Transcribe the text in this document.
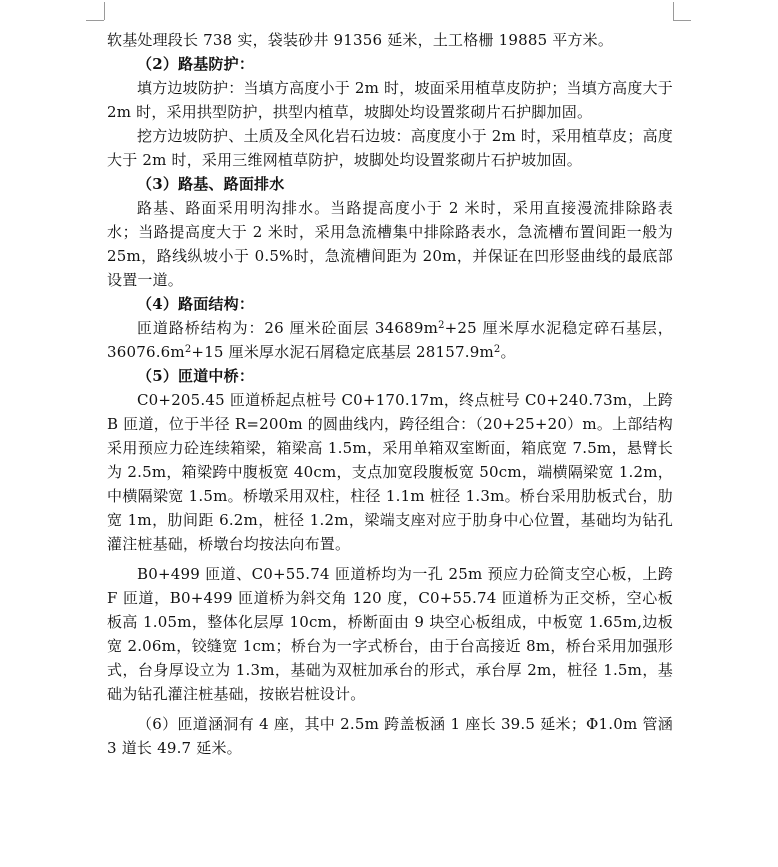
软基处理段长 738 实，袋装砂井 91356 延米，土工格栅 19885 平方米。

（2）路基防护：

填方边坡防护：当填方高度小于 2m 时，坡面采用植草皮防护；当填方高度大于 2m 时，采用拱型防护，拱型内植草，坡脚处均设置浆砌片石护脚加固。

挖方边坡防护、土质及全风化岩石边坡：高度度小于 2m 时，采用植草皮；高度大于 2m 时，采用三维网植草防护，坡脚处均设置浆砌片石护坡加固。

（3）路基、路面排水

路基、路面采用明沟排水。当路提高度小于 2 米时，采用直接漫流排除路表水；当路提高度大于 2 米时，采用急流槽集中排除路表水，急流槽布置间距一般为 25m，路线纵坡小于 0.5%时，急流槽间距为 20m，并保证在凹形竖曲线的最底部设置一道。

（4）路面结构：

匝道路桥结构为：26 厘米砼面层 $34689m^2+25$ 厘米厚水泥稳定碎石基层，$36076.6m^2+15$ 厘米厚水泥石屑稳定底基层 $28157.9m^2$。

（5）匝道中桥：

C0+205.45 匝道桥起点桩号 C0+170.17m，终点桩号 C0+240.73m，上跨 B 匝道，位于半径 R=200m 的圆曲线内，跨径组合：（20+25+20）m。上部结构采用预应力砼连续箱梁，箱梁高 1.5m，采用单箱双室断面，箱底宽 7.5m，悬臂长为 2.5m，箱梁跨中腹板宽 40cm，支点加宽段腹板宽 50cm，端横隔梁宽 1.2m，中横隔梁宽 1.5m。桥墩采用双柱，柱径 1.1m 桩径 1.3m。桥台采用肋板式台，肋宽 1m，肋间距 6.2m，桩径 1.2m，梁端支座对应于肋身中心位置，基础均为钻孔灌注桩基础，桥墩台均按法向布置。

B0+499 匝道、C0+55.74 匝道桥均为一孔 25m 预应力砼简支空心板，上跨 F 匝道，B0+499 匝道桥为斜交角 120 度，C0+55.74 匝道桥为正交桥，空心板板高 1.05m，整体化层厚 10cm，桥断面由 9 块空心板组成，中板宽 1.65m,边板宽 2.06m，铰缝宽 1cm；桥台为一字式桥台，由于台高接近 8m，桥台采用加强形式，台身厚设立为 1.3m，基础为双桩加承台的形式，承台厚 2m，桩径 1.5m，基础为钻孔灌注桩基础，按嵌岩桩设计。

（6）匝道涵洞有 4 座，其中 2.5m 跨盖板涵 1 座长 39.5 延米；Φ1.0m 管涵 3 道长 49.7 延米。
